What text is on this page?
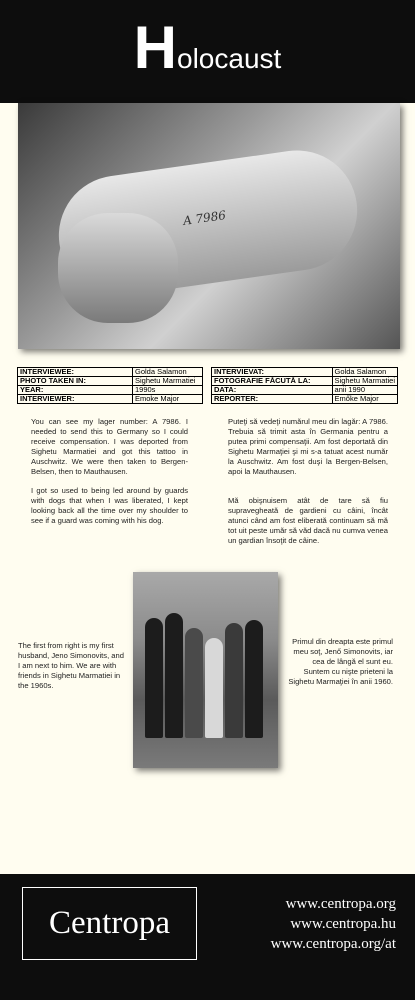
Holocaust
A 7986
INTERVIEWEE:	Golda Salamon
PHOTO TAKEN IN:	Sighetu Marmatiei
YEAR:	1990s
INTERVIEWER:	Emoke Major
INTERVIEVAT:	Golda Salamon
FOTOGRAFIE FĂCUTĂ LA:	Sighetu Marmatiei
DATA:	anii 1990
REPORTER:	Emőke Major
You can see my lager number: A 7986. I needed to send this to Germany so I could receive compensation. I was deported from Sighetu Marmatiei and got this tattoo in Auschwitz. We were then taken to Bergen-Belsen, then to Mauthausen.
I got so used to being led around by guards with dogs that when I was liberated, I kept looking back all the time over my shoulder to see if a guard was coming with his dog.
Puteţi să vedeţi numărul meu din lagăr: A 7986. Trebuia să trimit asta în Germania pentru a putea primi compensaţii. Am fost deportată din Sighetu Marmaţiei şi mi s-a tatuat acest număr la Auschwitz. Am fost duşi la Bergen-Belsen, apoi la Mauthausen.
Mă obişnuisem atât de tare să fiu supravegheată de gardieni cu câini, încât atunci când am fost eliberată continuam să mă tot uit peste umăr să văd dacă nu cumva venea un gardian însoţit de câine.
The first from right is my first husband, Jeno Simonovits, and I am next to him. We are with friends in Sighetu Marmatiei in the 1960s.
Primul din dreapta este primul meu soţ, Jenő Simonovits, iar cea de lângă el sunt eu. Suntem cu nişte prieteni la Sighetu Marmaţiei în anii 1960.
Centropa
www.centropa.org
www.centropa.hu
www.centropa.org/at
